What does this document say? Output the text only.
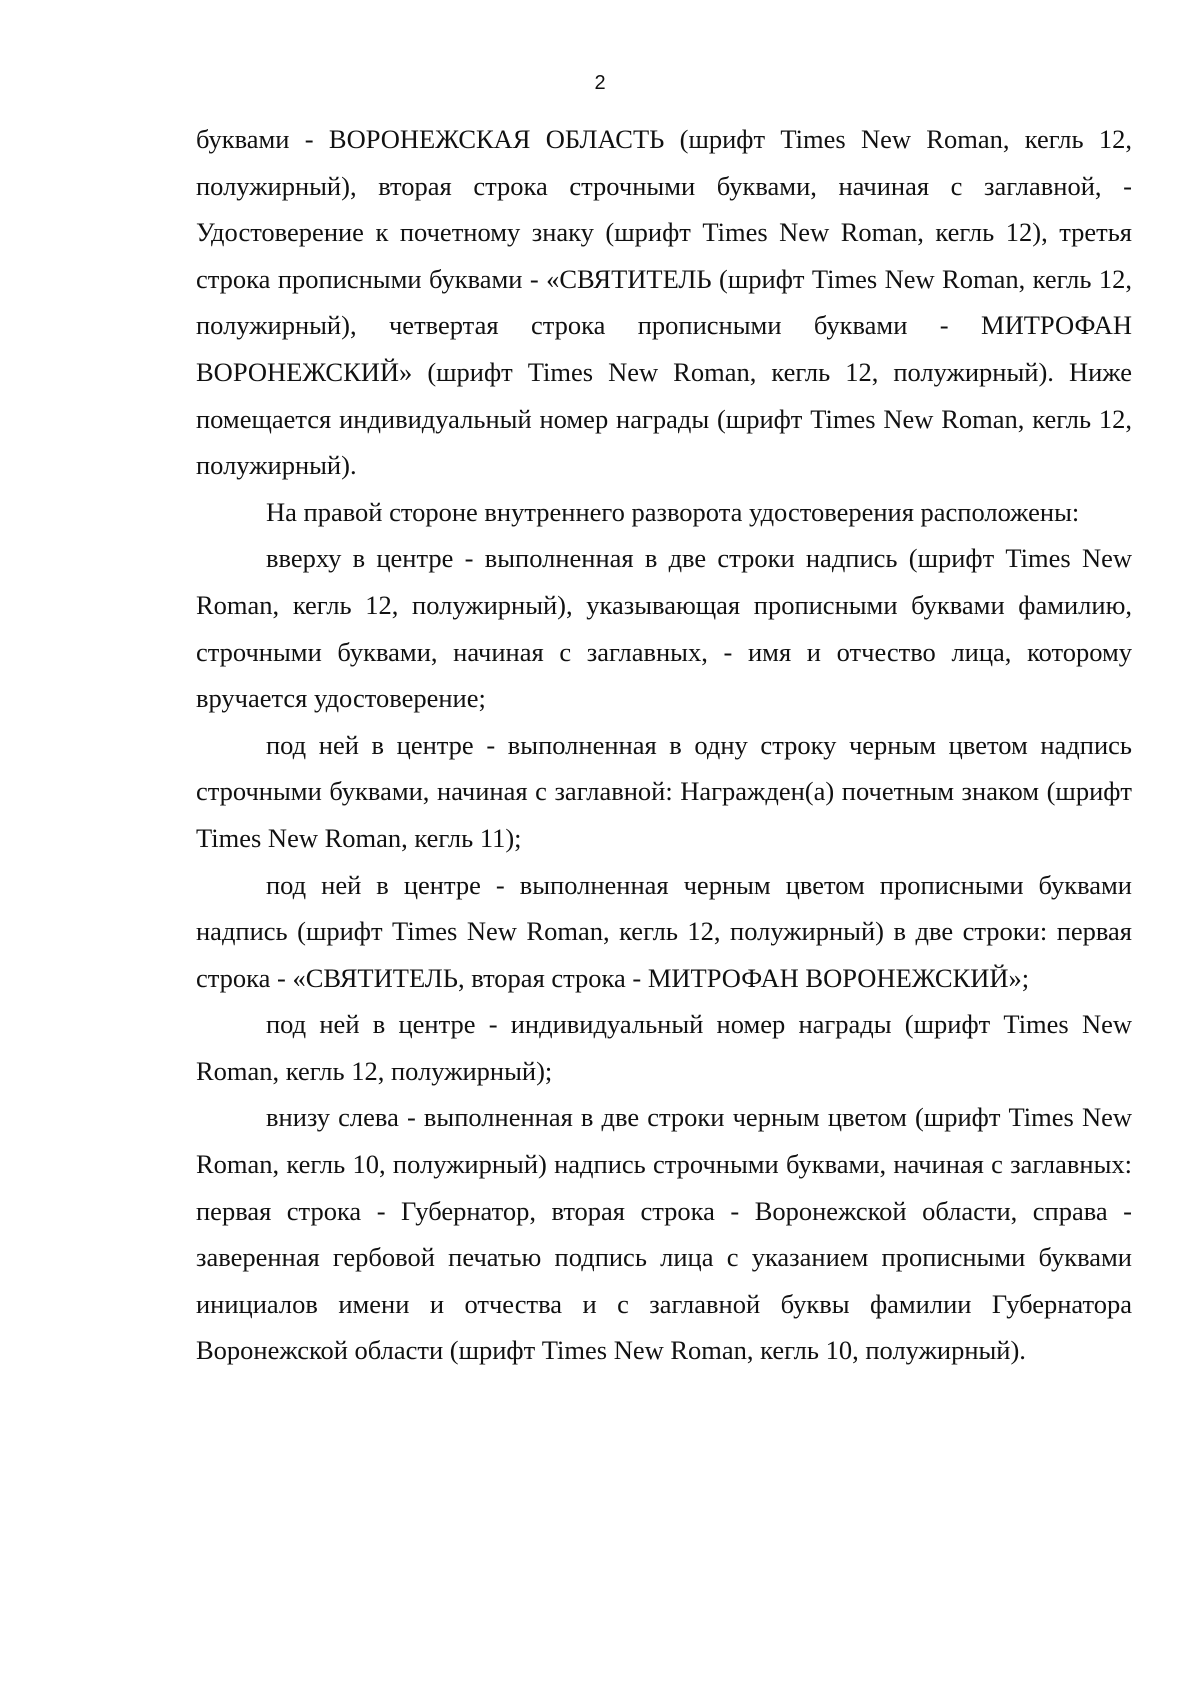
2

буквами - ВОРОНЕЖСКАЯ ОБЛАСТЬ (шрифт Times New Roman, кегль 12, полужирный), вторая строка строчными буквами, начиная с заглавной, - Удостоверение к почетному знаку (шрифт Times New Roman, кегль 12), третья строка прописными буквами - «СВЯТИТЕЛЬ (шрифт Times New Roman, кегль 12, полужирный), четвертая строка прописными буквами - МИТРОФАН ВОРОНЕЖСКИЙ» (шрифт Times New Roman, кегль 12, полужирный). Ниже помещается индивидуальный номер награды (шрифт Times New Roman, кегль 12, полужирный).

На правой стороне внутреннего разворота удостоверения расположены:

вверху в центре - выполненная в две строки надпись (шрифт Times New Roman, кегль 12, полужирный), указывающая прописными буквами фамилию, строчными буквами, начиная с заглавных, - имя и отчество лица, которому вручается удостоверение;

под ней в центре - выполненная в одну строку черным цветом надпись строчными буквами, начиная с заглавной: Награжден(а) почетным знаком (шрифт Times New Roman, кегль 11);

под ней в центре - выполненная черным цветом прописными буквами надпись (шрифт Times New Roman, кегль 12, полужирный) в две строки: первая строка - «СВЯТИТЕЛЬ, вторая строка - МИТРОФАН ВОРОНЕЖСКИЙ»;

под ней в центре - индивидуальный номер награды (шрифт Times New Roman, кегль 12, полужирный);

внизу слева - выполненная в две строки черным цветом (шрифт Times New Roman, кегль 10, полужирный) надпись строчными буквами, начиная с заглавных: первая строка - Губернатор, вторая строка - Воронежской области, справа - заверенная гербовой печатью подпись лица с указанием прописными буквами инициалов имени и отчества и с заглавной буквы фамилии Губернатора Воронежской области (шрифт Times New Roman, кегль 10, полужирный).
